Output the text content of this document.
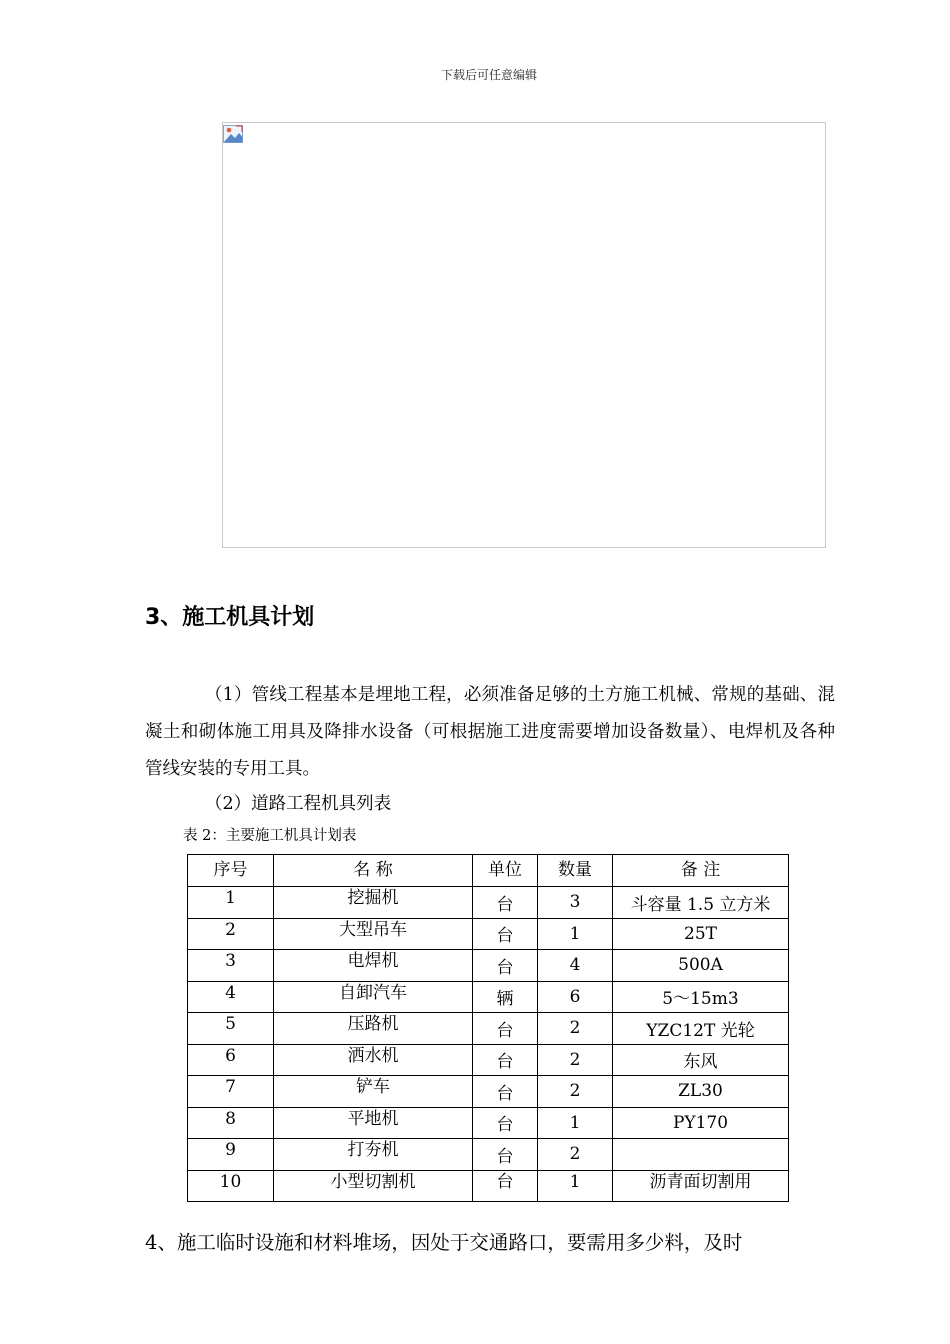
下载后可任意编辑
3、施工机具计划
（1）管线工程基本是埋地工程，必须准备足够的土方施工机械、常规的基础、混凝土和砌体施工用具及降排水设备（可根据施工进度需要增加设备数量）、电焊机及各种管线安装的专用工具。
（2）道路工程机具列表
表 2：主要施工机具计划表
序号	名 称	单位	数量	备 注
1	挖掘机	台	3	斗容量 1.5 立方米
2	大型吊车	台	1	25T
3	电焊机	台	4	500A
4	自卸汽车	辆	6	5～15m3
5	压路机	台	2	YZC12T 光轮
6	洒水机	台	2	东风
7	铲车	台	2	ZL30
8	平地机	台	1	PY170
9	打夯机	台	2	
10	小型切割机	台	1	沥青面切割用
4、施工临时设施和材料堆场，因处于交通路口，要需用多少料，及时
